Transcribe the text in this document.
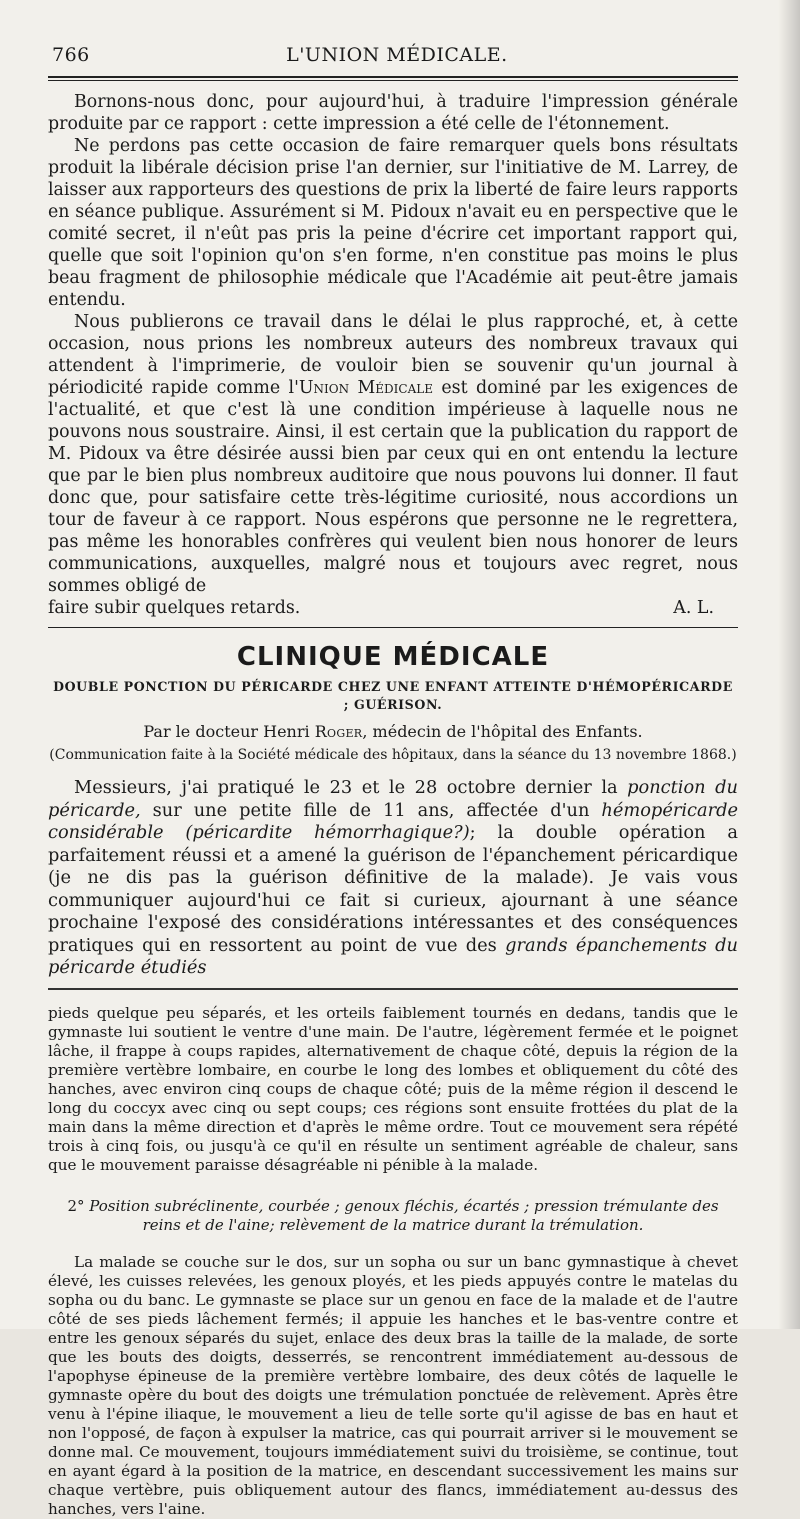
766	L'UNION MÉDICALE.

Bornons-nous donc, pour aujourd'hui, à traduire l'impression générale produite par ce rapport : cette impression a été celle de l'étonnement.

Ne perdons pas cette occasion de faire remarquer quels bons résultats produit la libérale décision prise l'an dernier, sur l'initiative de M. Larrey, de laisser aux rapporteurs des questions de prix la liberté de faire leurs rapports en séance publique. Assurément si M. Pidoux n'avait eu en perspective que le comité secret, il n'eût pas pris la peine d'écrire cet important rapport qui, quelle que soit l'opinion qu'on s'en forme, n'en constitue pas moins le plus beau fragment de philosophie médicale que l'Académie ait peut-être jamais entendu.

Nous publierons ce travail dans le délai le plus rapproché, et, à cette occasion, nous prions les nombreux auteurs des nombreux travaux qui attendent à l'imprimerie, de vouloir bien se souvenir qu'un journal à périodicité rapide comme l'Union Médicale est dominé par les exigences de l'actualité, et que c'est là une condition impérieuse à laquelle nous ne pouvons nous soustraire. Ainsi, il est certain que la publication du rapport de M. Pidoux va être désirée aussi bien par ceux qui en ont entendu la lecture que par le bien plus nombreux auditoire que nous pouvons lui donner. Il faut donc que, pour satisfaire cette très-légitime curiosité, nous accordions un tour de faveur à ce rapport. Nous espérons que personne ne le regrettera, pas même les honorables confrères qui veulent bien nous honorer de leurs communications, auxquelles, malgré nous et toujours avec regret, nous sommes obligé de

faire subir quelques retards.	A. L.
CLINIQUE MÉDICALE
DOUBLE PONCTION DU PÉRICARDE CHEZ UNE ENFANT ATTEINTE D'HÉMOPÉRICARDE ; GUÉRISON.
Par le docteur Henri Roger, médecin de l'hôpital des Enfants.
(Communication faite à la Société médicale des hôpitaux, dans la séance du 13 novembre 1868.)

Messieurs, j'ai pratiqué le 23 et le 28 octobre dernier la ponction du péricarde, sur une petite fille de 11 ans, affectée d'un hémopéricarde considérable (péricardite hémorrhagique?); la double opération a parfaitement réussi et a amené la guérison de l'épanchement péricardique (je ne dis pas la guérison définitive de la malade). Je vais vous communiquer aujourd'hui ce fait si curieux, ajournant à une séance prochaine l'exposé des considérations intéressantes et des conséquences pratiques qui en ressortent au point de vue des grands épanchements du péricarde étudiés

pieds quelque peu séparés, et les orteils faiblement tournés en dedans, tandis que le gymnaste lui soutient le ventre d'une main. De l'autre, légèrement fermée et le poignet lâche, il frappe à coups rapides, alternativement de chaque côté, depuis la région de la première vertèbre lombaire, en courbe le long des lombes et obliquement du côté des hanches, avec environ cinq coups de chaque côté; puis de la même région il descend le long du coccyx avec cinq ou sept coups; ces régions sont ensuite frottées du plat de la main dans la même direction et d'après le même ordre. Tout ce mouvement sera répété trois à cinq fois, ou jusqu'à ce qu'il en résulte un sentiment agréable de chaleur, sans que le mouvement paraisse désagréable ni pénible à la malade.

2° Position subréclinente, courbée ; genoux fléchis, écartés ; pression trémulante des reins et de l'aine; relèvement de la matrice durant la trémulation.

La malade se couche sur le dos, sur un sopha ou sur un banc gymnastique à chevet élevé, les cuisses relevées, les genoux ployés, et les pieds appuyés contre le matelas du sopha ou du banc. Le gymnaste se place sur un genou en face de la malade et de l'autre côté de ses pieds lâchement fermés; il appuie les hanches et le bas-ventre contre et entre les genoux séparés du sujet, enlace des deux bras la taille de la malade, de sorte que les bouts des doigts, desserrés, se rencontrent immédiatement au-dessous de l'apophyse épineuse de la première vertèbre lombaire, des deux côtés de laquelle le gymnaste opère du bout des doigts une trémulation ponctuée de relèvement. Après être venu à l'épine iliaque, le mouvement a lieu de telle sorte qu'il agisse de bas en haut et non l'opposé, de façon à expulser la matrice, cas qui pourrait arriver si le mouvement se donne mal. Ce mouvement, toujours immédiatement suivi du troisième, se continue, tout en ayant égard à la position de la matrice, en descendant successivement les mains sur chaque vertèbre, puis obliquement autour des flancs, immédiatement au-dessus des hanches, vers l'aine.
